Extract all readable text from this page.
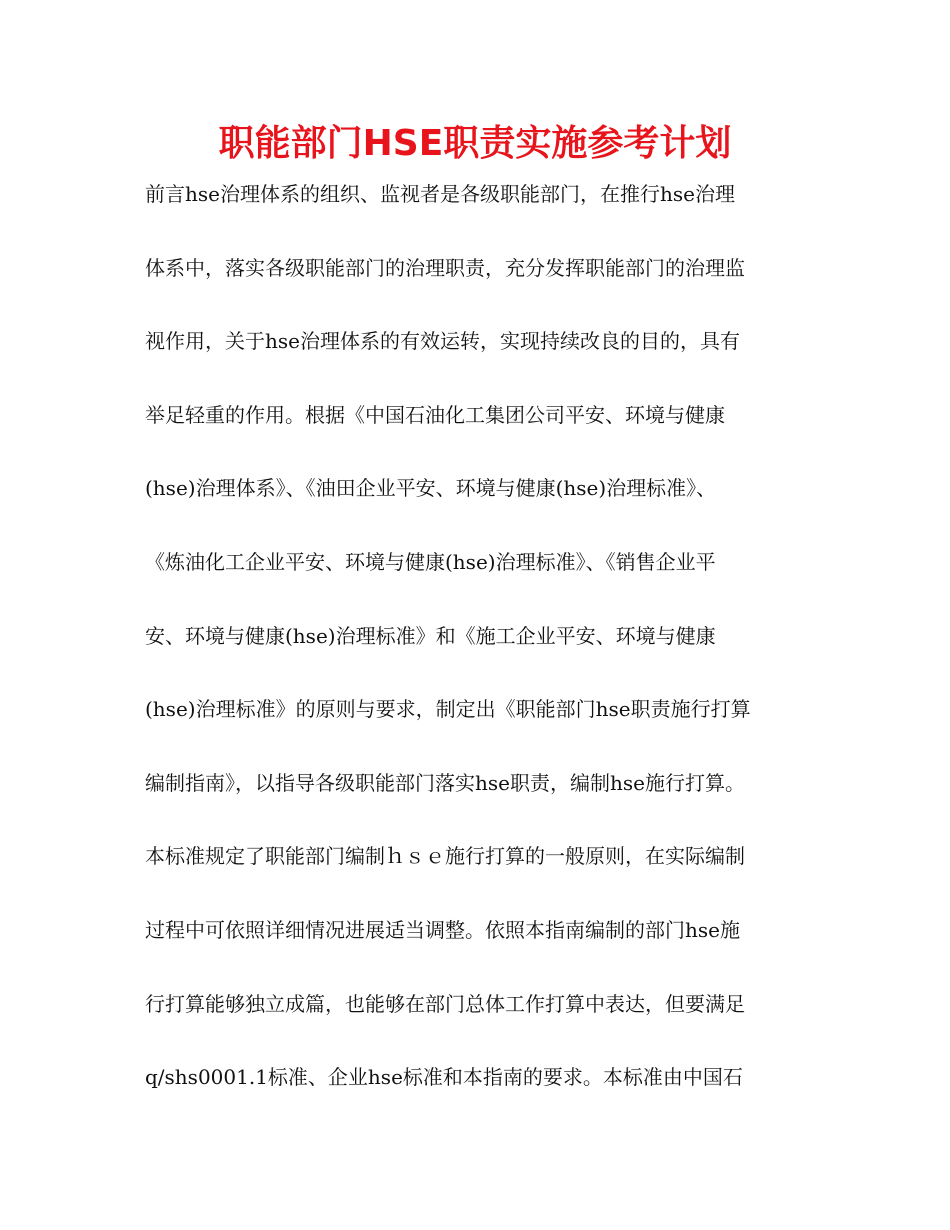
职能部门HSE职责实施参考计划
前言hse治理体系的组织、监视者是各级职能部门，在推行hse治理
体系中，落实各级职能部门的治理职责，充分发挥职能部门的治理监
视作用，关于hse治理体系的有效运转，实现持续改良的目的，具有
举足轻重的作用。根据《中国石油化工集团公司平安、环境与健康
(hse)治理体系》、《油田企业平安、环境与健康(hse)治理标准》、
《炼油化工企业平安、环境与健康(hse)治理标准》、《销售企业平
安、环境与健康(hse)治理标准》和《施工企业平安、环境与健康
(hse)治理标准》的原则与要求，制定出《职能部门hse职责施行打算
编制指南》，以指导各级职能部门落实hse职责，编制hse施行打算。
本标准规定了职能部门编制ｈｓｅ施行打算的一般原则，在实际编制
过程中可依照详细情况进展适当调整。依照本指南编制的部门hse施
行打算能够独立成篇，也能够在部门总体工作打算中表达，但要满足
q/shs0001.1标准、企业hse标准和本指南的要求。本标准由中国石
